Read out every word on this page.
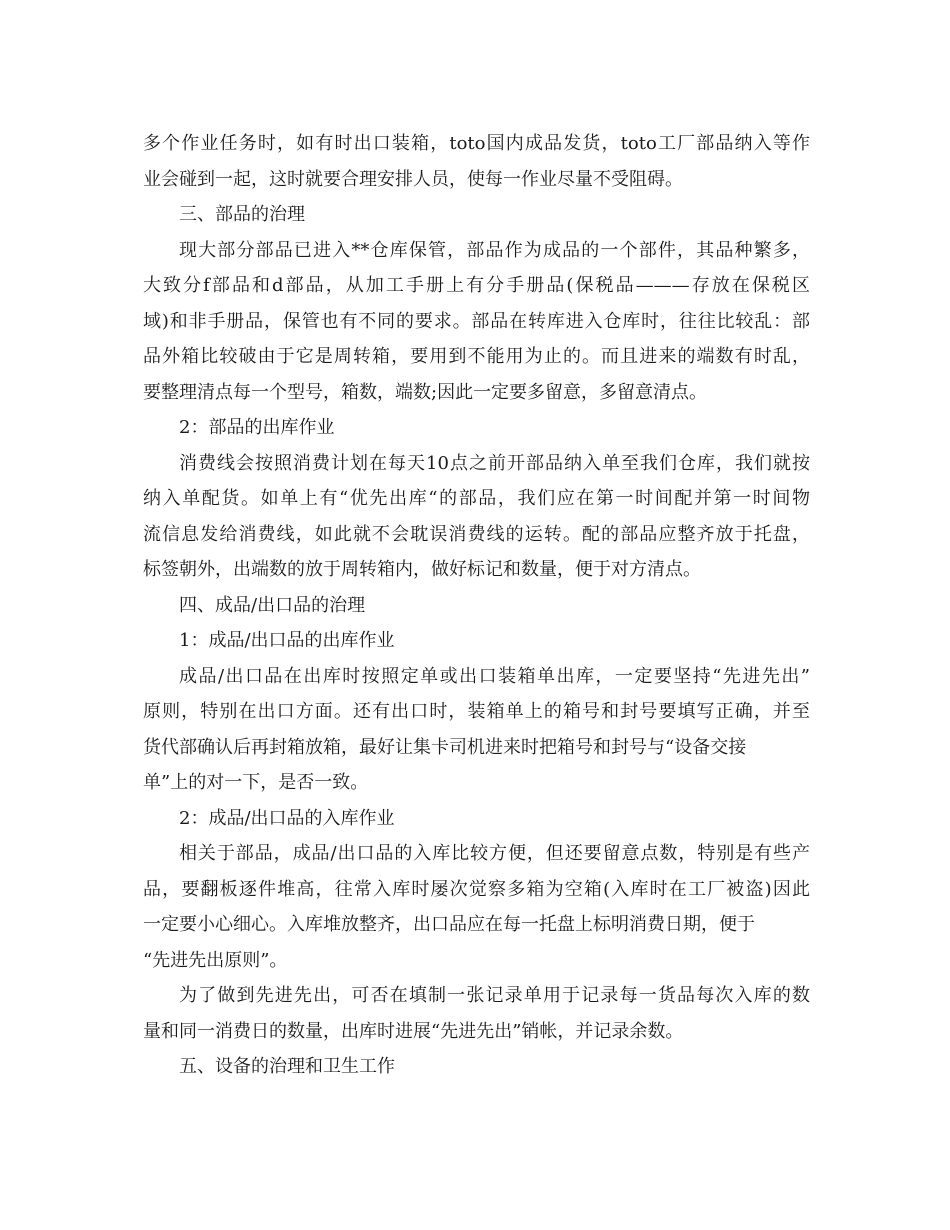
多个作业任务时，如有时出口装箱，toto国内成品发货，toto工厂部品纳入等作
业会碰到一起，这时就要合理安排人员，使每一作业尽量不受阻碍。
三、部品的治理
现大部分部品已进入**仓库保管，部品作为成品的一个部件，其品种繁多，
大致分f部品和d部品，从加工手册上有分手册品(保税品———存放在保税区
域)和非手册品，保管也有不同的要求。部品在转库进入仓库时，往往比较乱：部
品外箱比较破由于它是周转箱，要用到不能用为止的。而且进来的端数有时乱，
要整理清点每一个型号，箱数，端数;因此一定要多留意，多留意清点。
2：部品的出库作业
消费线会按照消费计划在每天10点之前开部品纳入单至我们仓库，我们就按
纳入单配货。如单上有“优先出库“的部品，我们应在第一时间配并第一时间物
流信息发给消费线，如此就不会耽误消费线的运转。配的部品应整齐放于托盘，
标签朝外，出端数的放于周转箱内，做好标记和数量，便于对方清点。
四、成品/出口品的治理
1：成品/出口品的出库作业
成品/出口品在出库时按照定单或出口装箱单出库，一定要坚持“先进先出”
原则，特别在出口方面。还有出口时，装箱单上的箱号和封号要填写正确，并至
货代部确认后再封箱放箱，最好让集卡司机进来时把箱号和封号与“设备交接
单”上的对一下，是否一致。
2：成品/出口品的入库作业
相关于部品，成品/出口品的入库比较方便，但还要留意点数，特别是有些产
品，要翻板逐件堆高，往常入库时屡次觉察多箱为空箱(入库时在工厂被盗)因此
一定要小心细心。入库堆放整齐，出口品应在每一托盘上标明消费日期，便于
“先进先出原则”。
为了做到先进先出，可否在填制一张记录单用于记录每一货品每次入库的数
量和同一消费日的数量，出库时进展“先进先出”销帐，并记录余数。
五、设备的治理和卫生工作
